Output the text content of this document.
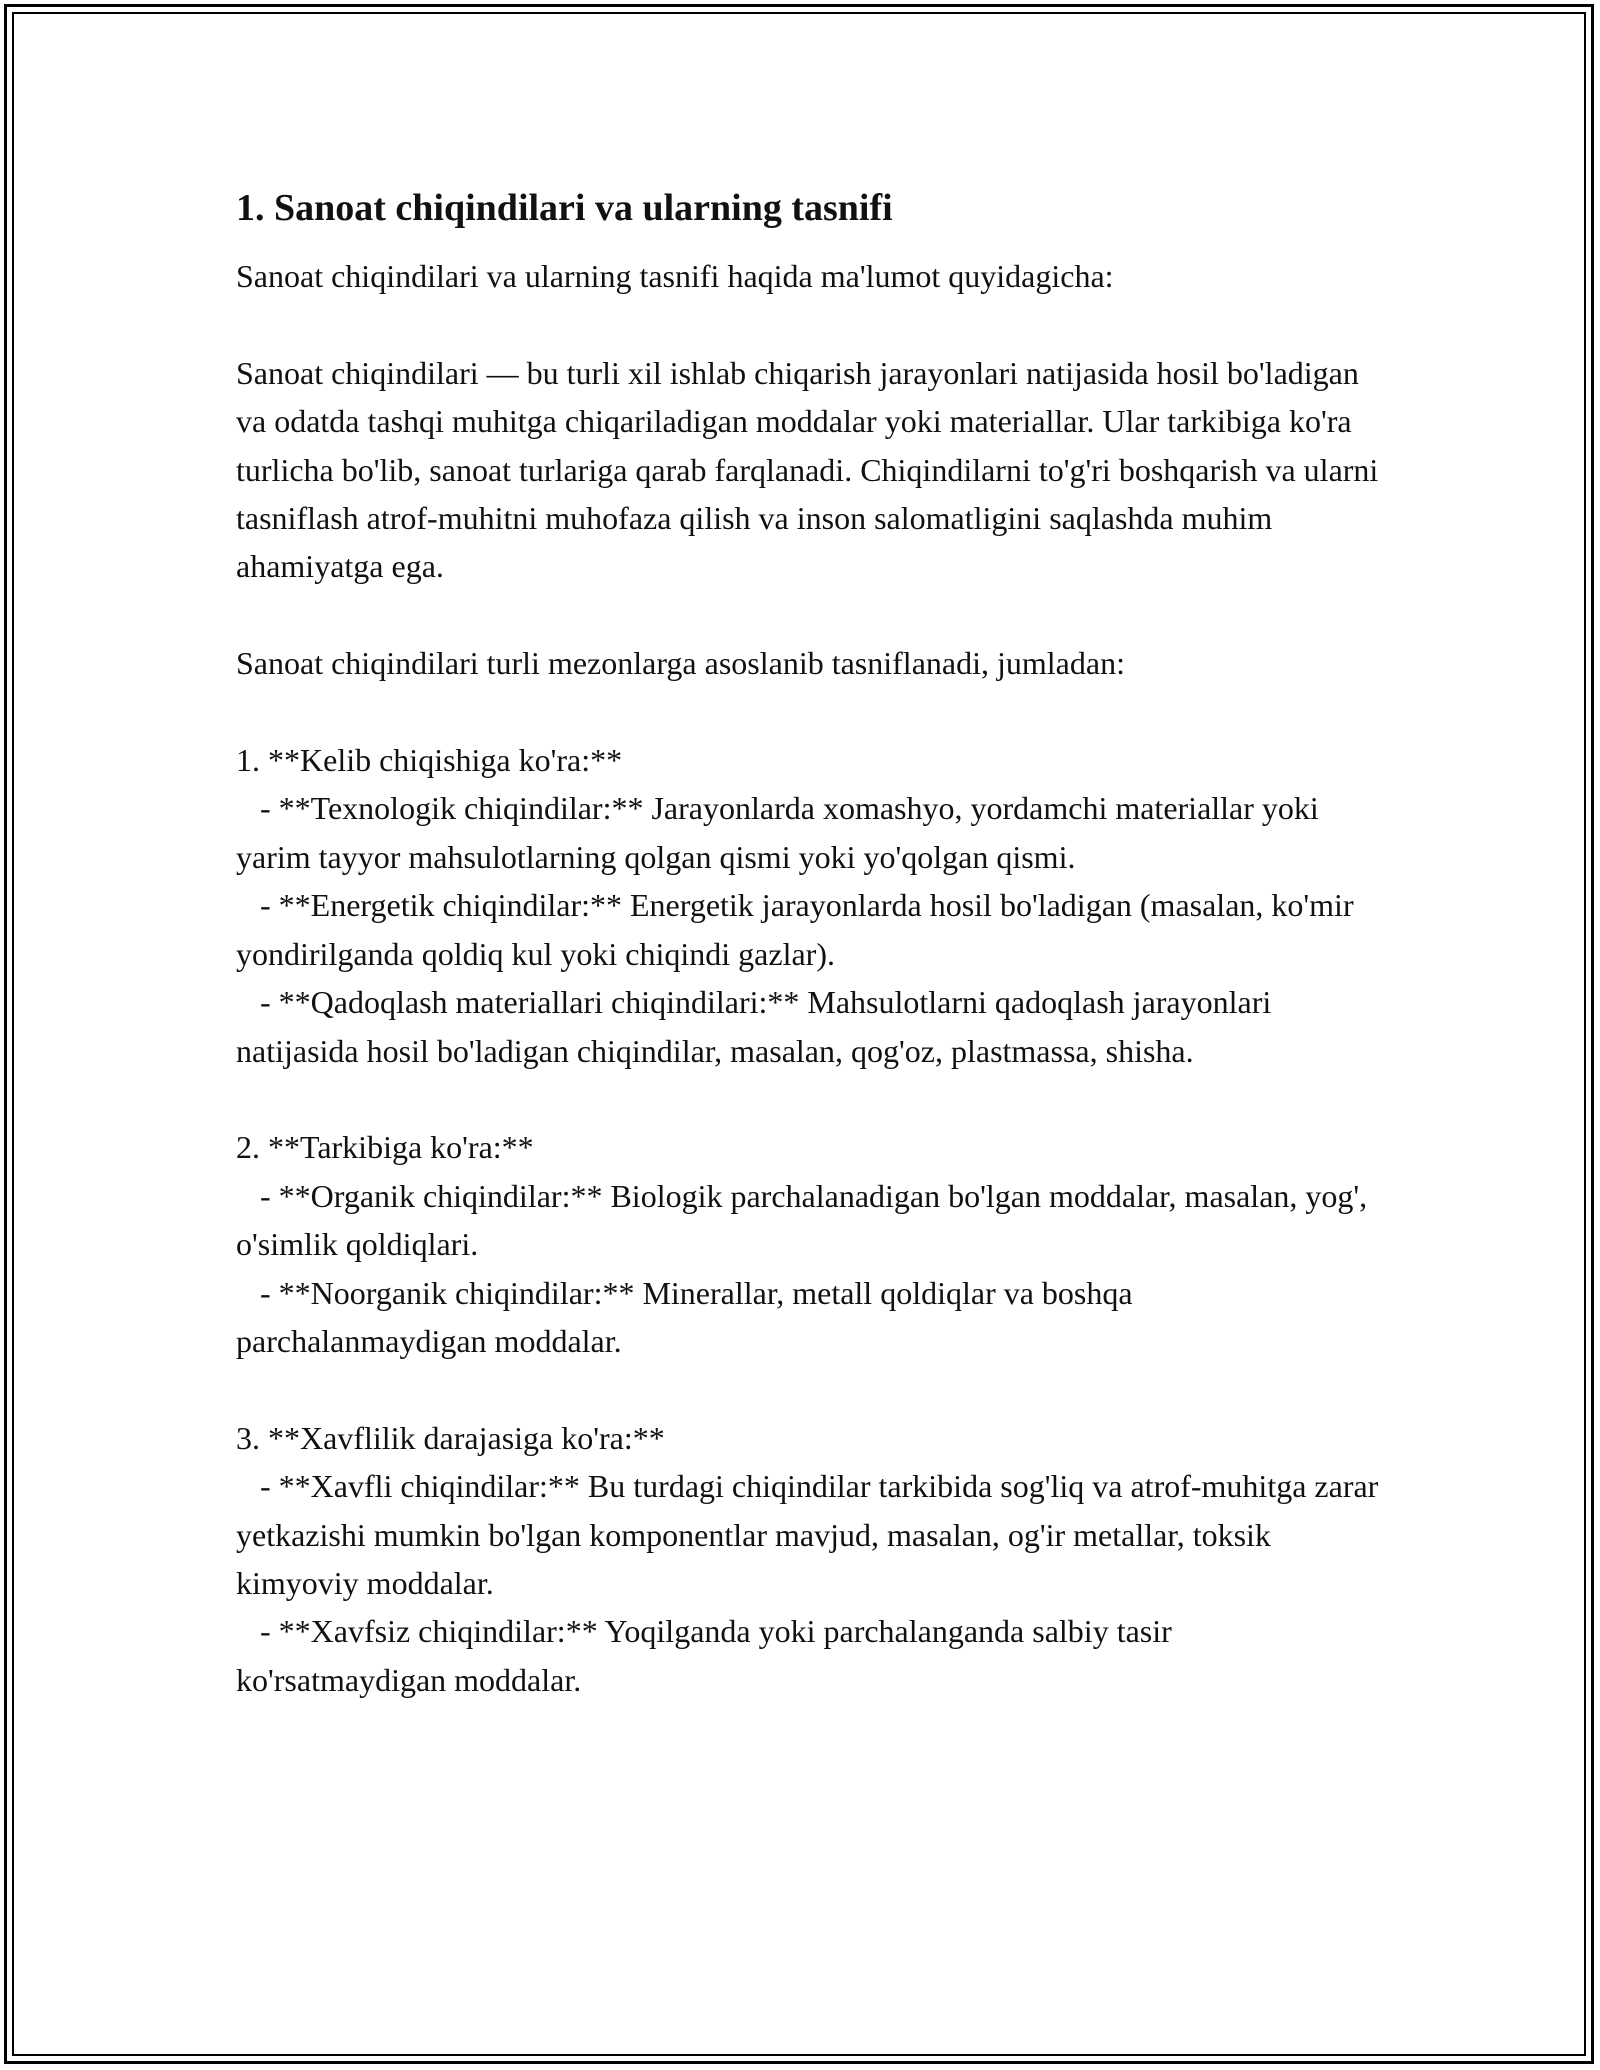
1. Sanoat chiqindilari va ularning tasnifi
Sanoat chiqindilari va ularning tasnifi haqida ma'lumot quyidagicha:

Sanoat chiqindilari — bu turli xil ishlab chiqarish jarayonlari natijasida hosil bo'ladigan va odatda tashqi muhitga chiqariladigan moddalar yoki materiallar. Ular tarkibiga ko'ra turlicha bo'lib, sanoat turlariga qarab farqlanadi. Chiqindilarni to'g'ri boshqarish va ularni tasniflash atrof-muhitni muhofaza qilish va inson salomatligini saqlashda muhim ahamiyatga ega.

Sanoat chiqindilari turli mezonlarga asoslanib tasniflanadi, jumladan:

1. **Kelib chiqishiga ko'ra:**
- **Texnologik chiqindilar:** Jarayonlarda xomashyo, yordamchi materiallar yoki yarim tayyor mahsulotlarning qolgan qismi yoki yo'qolgan qismi.
- **Energetik chiqindilar:** Energetik jarayonlarda hosil bo'ladigan (masalan, ko'mir yondirilganda qoldiq kul yoki chiqindi gazlar).
- **Qadoqlash materiallari chiqindilari:** Mahsulotlarni qadoqlash jarayonlari natijasida hosil bo'ladigan chiqindilar, masalan, qog'oz, plastmassa, shisha.

2. **Tarkibiga ko'ra:**
- **Organik chiqindilar:** Biologik parchalanadigan bo'lgan moddalar, masalan, yog', o'simlik qoldiqlari.
- **Noorganik chiqindilar:** Minerallar, metall qoldiqlar va boshqa parchalanmaydigan moddalar.

3. **Xavflilik darajasiga ko'ra:**
- **Xavfli chiqindilar:** Bu turdagi chiqindilar tarkibida sog'liq va atrof-muhitga zarar yetkazishi mumkin bo'lgan komponentlar mavjud, masalan, og'ir metallar, toksik kimyoviy moddalar.
- **Xavfsiz chiqindilar:** Yoqilganda yoki parchalanganda salbiy tasir ko'rsatmaydigan moddalar.
